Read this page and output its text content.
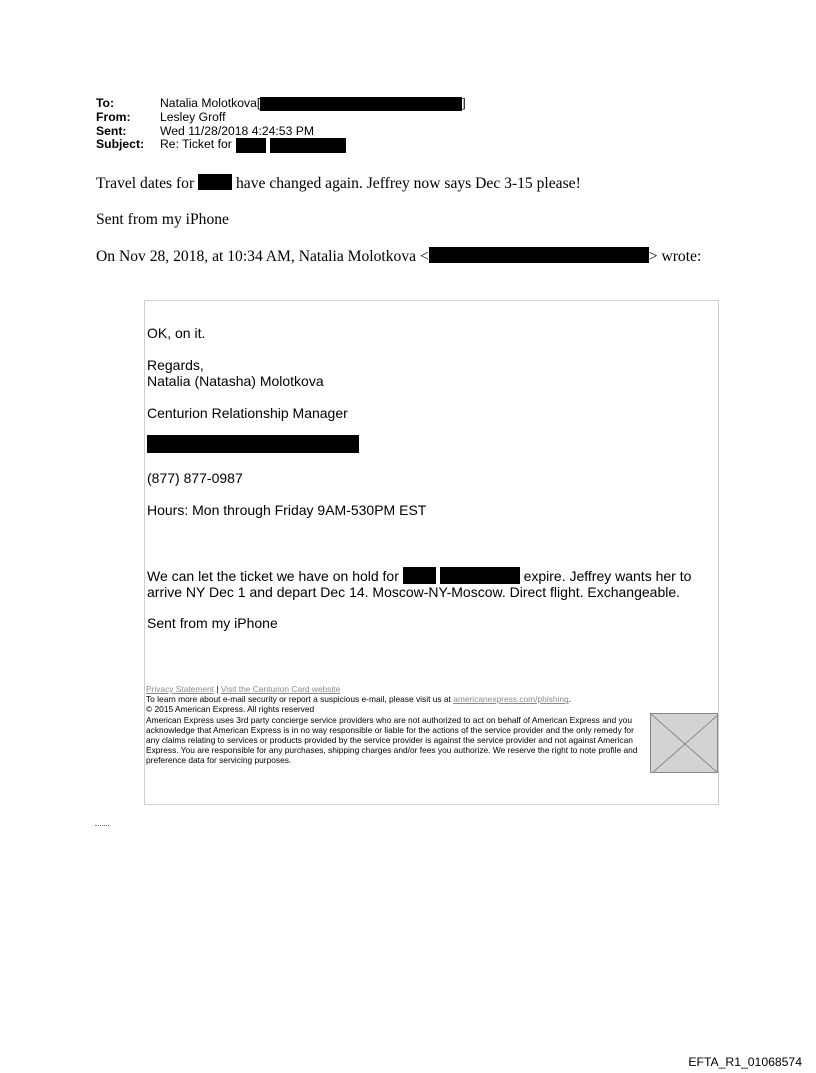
To:	Natalia Molotkova[	]
From:	Lesley Groff
Sent:	Wed 11/28/2018 4:24:53 PM
Subject:	Re: Ticket for
Travel dates for	have changed again. Jeffrey now says Dec 3-15 please!
Sent from my iPhone
On Nov 28, 2018, at 10:34 AM, Natalia Molotkova <	> wrote:
OK, on it.
Regards,
Natalia (Natasha) Molotkova
Centurion Relationship Manager
(877) 877-0987
Hours: Mon through Friday 9AM-530PM EST
We can let the ticket we have on hold for	expire. Jeffrey wants her to arrive NY Dec 1 and depart Dec 14. Moscow-NY-Moscow. Direct flight. Exchangeable.
Sent from my iPhone
Privacy Statement | Visit the Centurion Card website
To learn more about e-mail security or report a suspicious e-mail, please visit us at americanexpress.com/phishing.
© 2015 American Express. All rights reserved
American Express uses 3rd party concierge service providers who are not authorized to act on behalf of American Express and you acknowledge that American Express is in no way responsible or liable for the actions of the service provider and the only remedy for any claims relating to services or products provided by the service provider is against the service provider and not against American Express. You are responsible for any purchases, shipping charges and/or fees you authorize. We reserve the right to note profile and preference data for servicing purposes.
EFTA_R1_01068574
